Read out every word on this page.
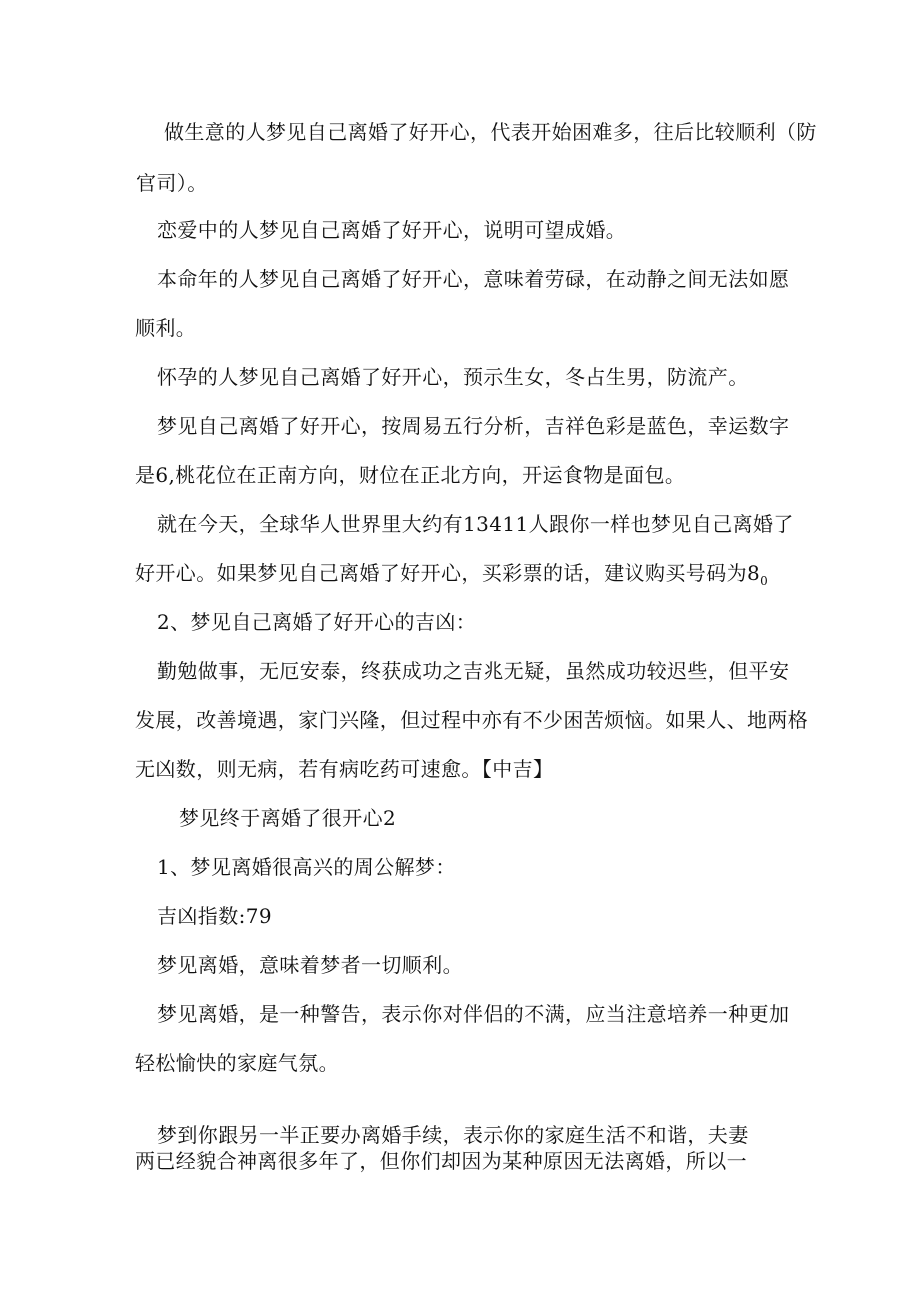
做生意的人梦见自己离婚了好开心，代表开始困难多，往后比较顺利（防
官司）。
恋爱中的人梦见自己离婚了好开心，说明可望成婚。
本命年的人梦见自己离婚了好开心，意味着劳碌，在动静之间无法如愿
顺利。
怀孕的人梦见自己离婚了好开心，预示生女，冬占生男，防流产。
梦见自己离婚了好开心，按周易五行分析，吉祥色彩是蓝色，幸运数字
是6,桃花位在正南方向，财位在正北方向，开运食物是面包。
就在今天，全球华人世界里大约有13411人跟你一样也梦见自己离婚了
好开心。如果梦见自己离婚了好开心，买彩票的话，建议购买号码为$8_0$
2、梦见自己离婚了好开心的吉凶：
勤勉做事，无厄安泰，终获成功之吉兆无疑，虽然成功较迟些，但平安
发展，改善境遇，家门兴隆，但过程中亦有不少困苦烦恼。如果人、地两格
无凶数，则无病，若有病吃药可速愈。【中吉】
梦见终于离婚了很开心2
1、梦见离婚很高兴的周公解梦：
吉凶指数:79
梦见离婚，意味着梦者一切顺利。
梦见离婚，是一种警告，表示你对伴侣的不满，应当注意培养一种更加
轻松愉快的家庭气氛。
梦到你跟另一半正要办离婚手续，表示你的家庭生活不和谐，夫妻
两已经貌合神离很多年了，但你们却因为某种原因无法离婚，所以一
